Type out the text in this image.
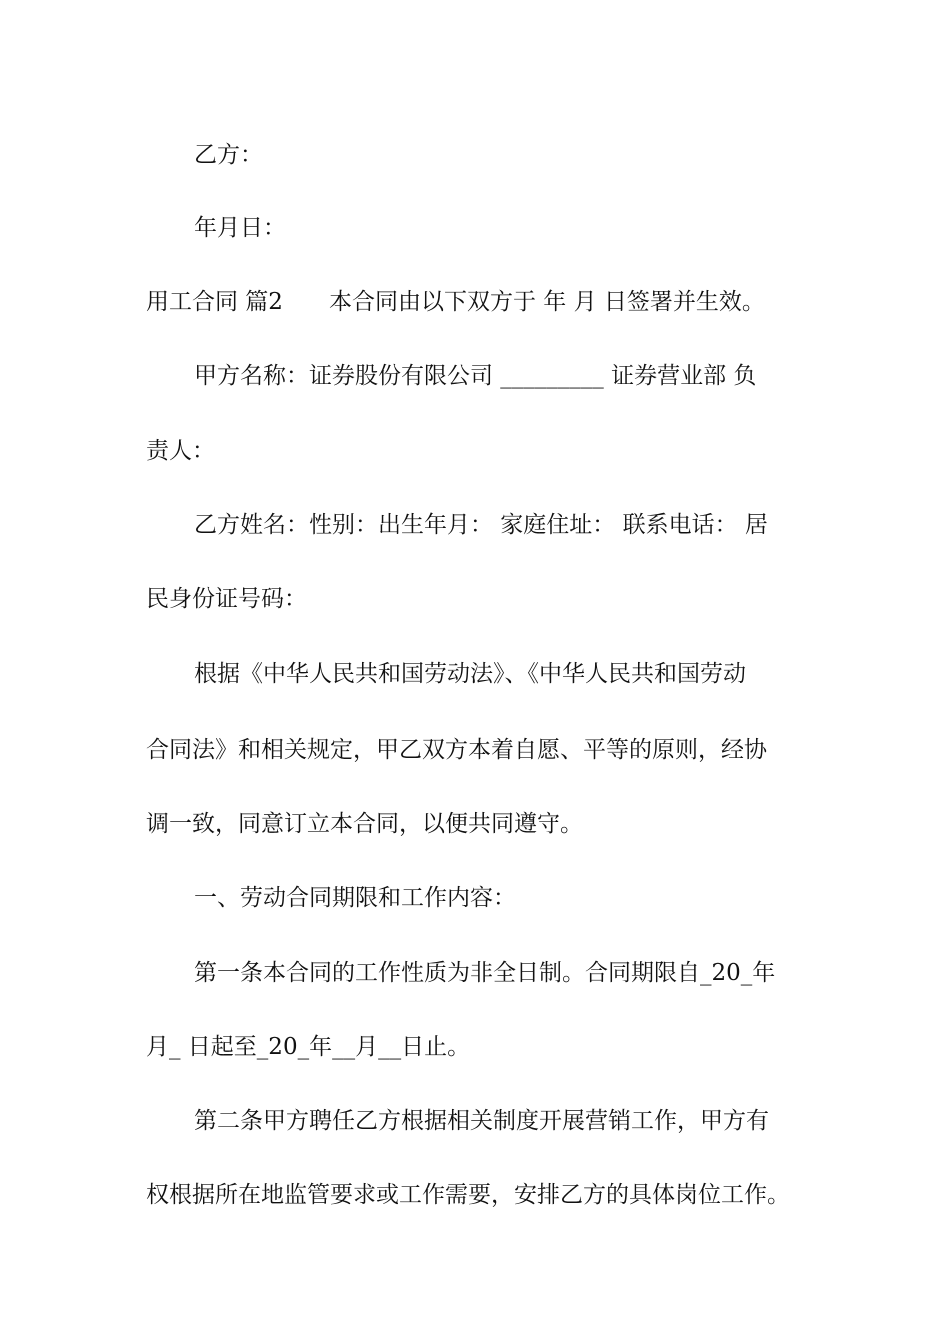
乙方：
年月日：
用工合同 篇2　　本合同由以下双方于 年 月 日签署并生效。
甲方名称：证券股份有限公司 _________ 证券营业部 负
责人：
乙方姓名：性别：出生年月： 家庭住址： 联系电话： 居
民身份证号码：
根据《中华人民共和国劳动法》、《中华人民共和国劳动
合同法》和相关规定，甲乙双方本着自愿、平等的原则，经协
调一致，同意订立本合同，以便共同遵守。
一、劳动合同期限和工作内容：
第一条本合同的工作性质为非全日制。合同期限自_20_年
月_ 日起至_20_年__月__日止。
第二条甲方聘任乙方根据相关制度开展营销工作，甲方有
权根据所在地监管要求或工作需要，安排乙方的具体岗位工作。
